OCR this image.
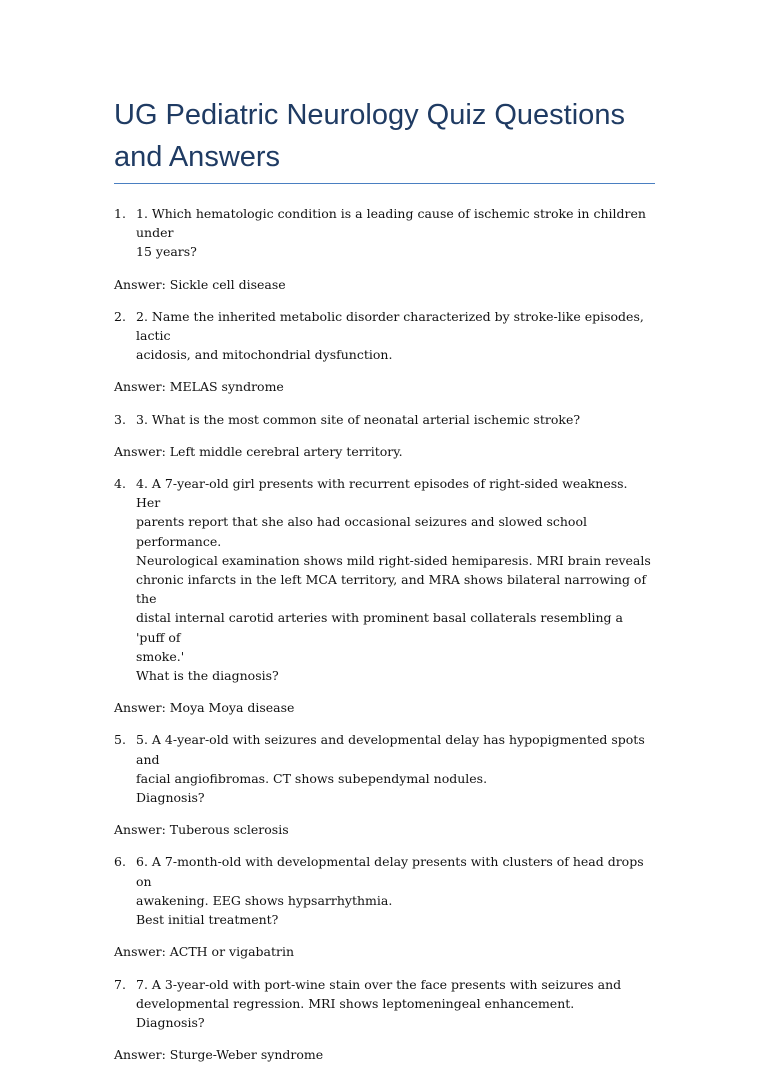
UG Pediatric Neurology Quiz Questions and Answers
1. 1. Which hematologic condition is a leading cause of ischemic stroke in children under
15 years?

Answer: Sickle cell disease

2. 2. Name the inherited metabolic disorder characterized by stroke-like episodes, lactic
acidosis, and mitochondrial dysfunction.

Answer: MELAS syndrome

3. 3. What is the most common site of neonatal arterial ischemic stroke?

Answer: Left middle cerebral artery territory.

4. 4. A 7-year-old girl presents with recurrent episodes of right-sided weakness. Her
parents report that she also had occasional seizures and slowed school performance.
Neurological examination shows mild right-sided hemiparesis. MRI brain reveals
chronic infarcts in the left MCA territory, and MRA shows bilateral narrowing of the
distal internal carotid arteries with prominent basal collaterals resembling a 'puff of
smoke.'
What is the diagnosis?

Answer: Moya Moya disease

5. 5. A 4-year-old with seizures and developmental delay has hypopigmented spots and
facial angiofibromas. CT shows subependymal nodules.
Diagnosis?

Answer: Tuberous sclerosis

6. 6. A 7-month-old with developmental delay presents with clusters of head drops on
awakening. EEG shows hypsarrhythmia.
Best initial treatment?

Answer: ACTH or vigabatrin

7. 7. A 3-year-old with port-wine stain over the face presents with seizures and
developmental regression. MRI shows leptomeningeal enhancement.
Diagnosis?

Answer: Sturge-Weber syndrome
